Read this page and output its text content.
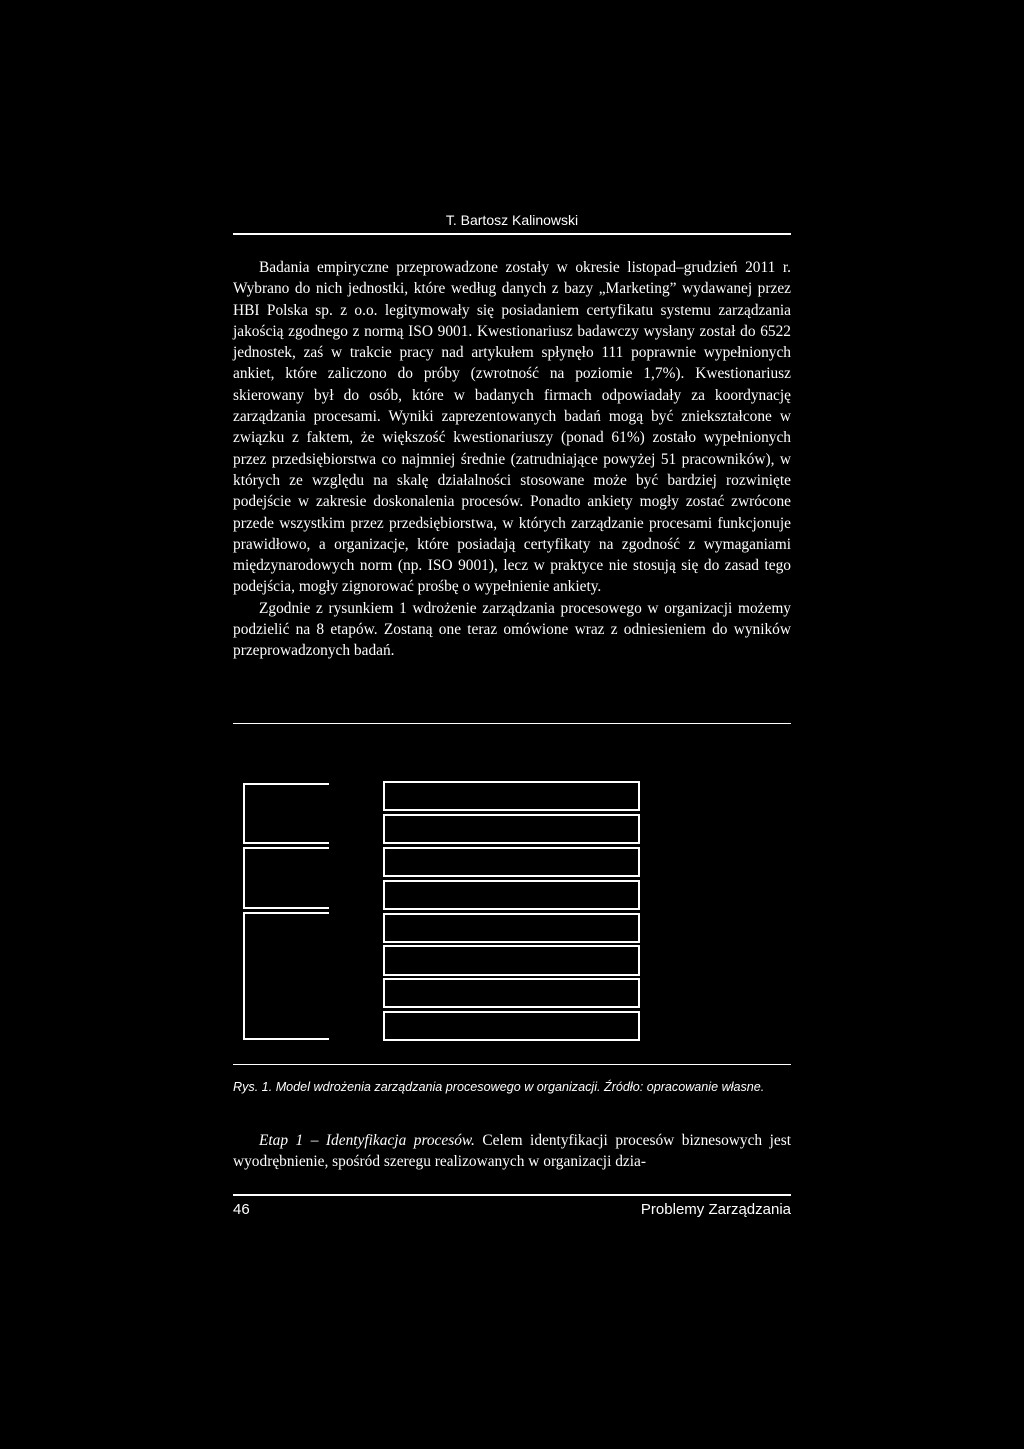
T. Bartosz Kalinowski

Badania empiryczne przeprowadzone zostały w okresie listopad–grudzień 2011 r. Wybrano do nich jednostki, które według danych z bazy „Marketing” wydawanej przez HBI Polska sp. z o.o. legitymowały się posiadaniem certyfikatu systemu zarządzania jakością zgodnego z normą ISO 9001. Kwestionariusz badawczy wysłany został do 6522 jednostek, zaś w trakcie pracy nad artykułem spłynęło 111 poprawnie wypełnionych ankiet, które zaliczono do próby (zwrotność na poziomie 1,7%). Kwestionariusz skierowany był do osób, które w badanych firmach odpowiadały za koordynację zarządzania procesami. Wyniki zaprezentowanych badań mogą być zniekształcone w związku z faktem, że większość kwestionariuszy (ponad 61%) zostało wypełnionych przez przedsiębiorstwa co najmniej średnie (zatrudniające powyżej 51 pracowników), w których ze względu na skalę działalności stosowane może być bardziej rozwinięte podejście w zakresie doskonalenia procesów. Ponadto ankiety mogły zostać zwrócone przede wszystkim przez przedsiębiorstwa, w których zarządzanie procesami funkcjonuje prawidłowo, a organizacje, które posiadają certyfikaty na zgodność z wymaganiami międzynarodowych norm (np. ISO 9001), lecz w praktyce nie stosują się do zasad tego podejścia, mogły zignorować prośbę o wypełnienie ankiety.

Zgodnie z rysunkiem 1 wdrożenie zarządzania procesowego w organizacji możemy podzielić na 8 etapów. Zostaną one teraz omówione wraz z odniesieniem do wyników przeprowadzonych badań.

Rys. 1. Model wdrożenia zarządzania procesowego w organizacji. Źródło: opracowanie własne.

Etap 1 – Identyfikacja procesów. Celem identyfikacji procesów biznesowych jest wyodrębnienie, spośród szeregu realizowanych w organizacji dzia-

46	Problemy Zarządzania
